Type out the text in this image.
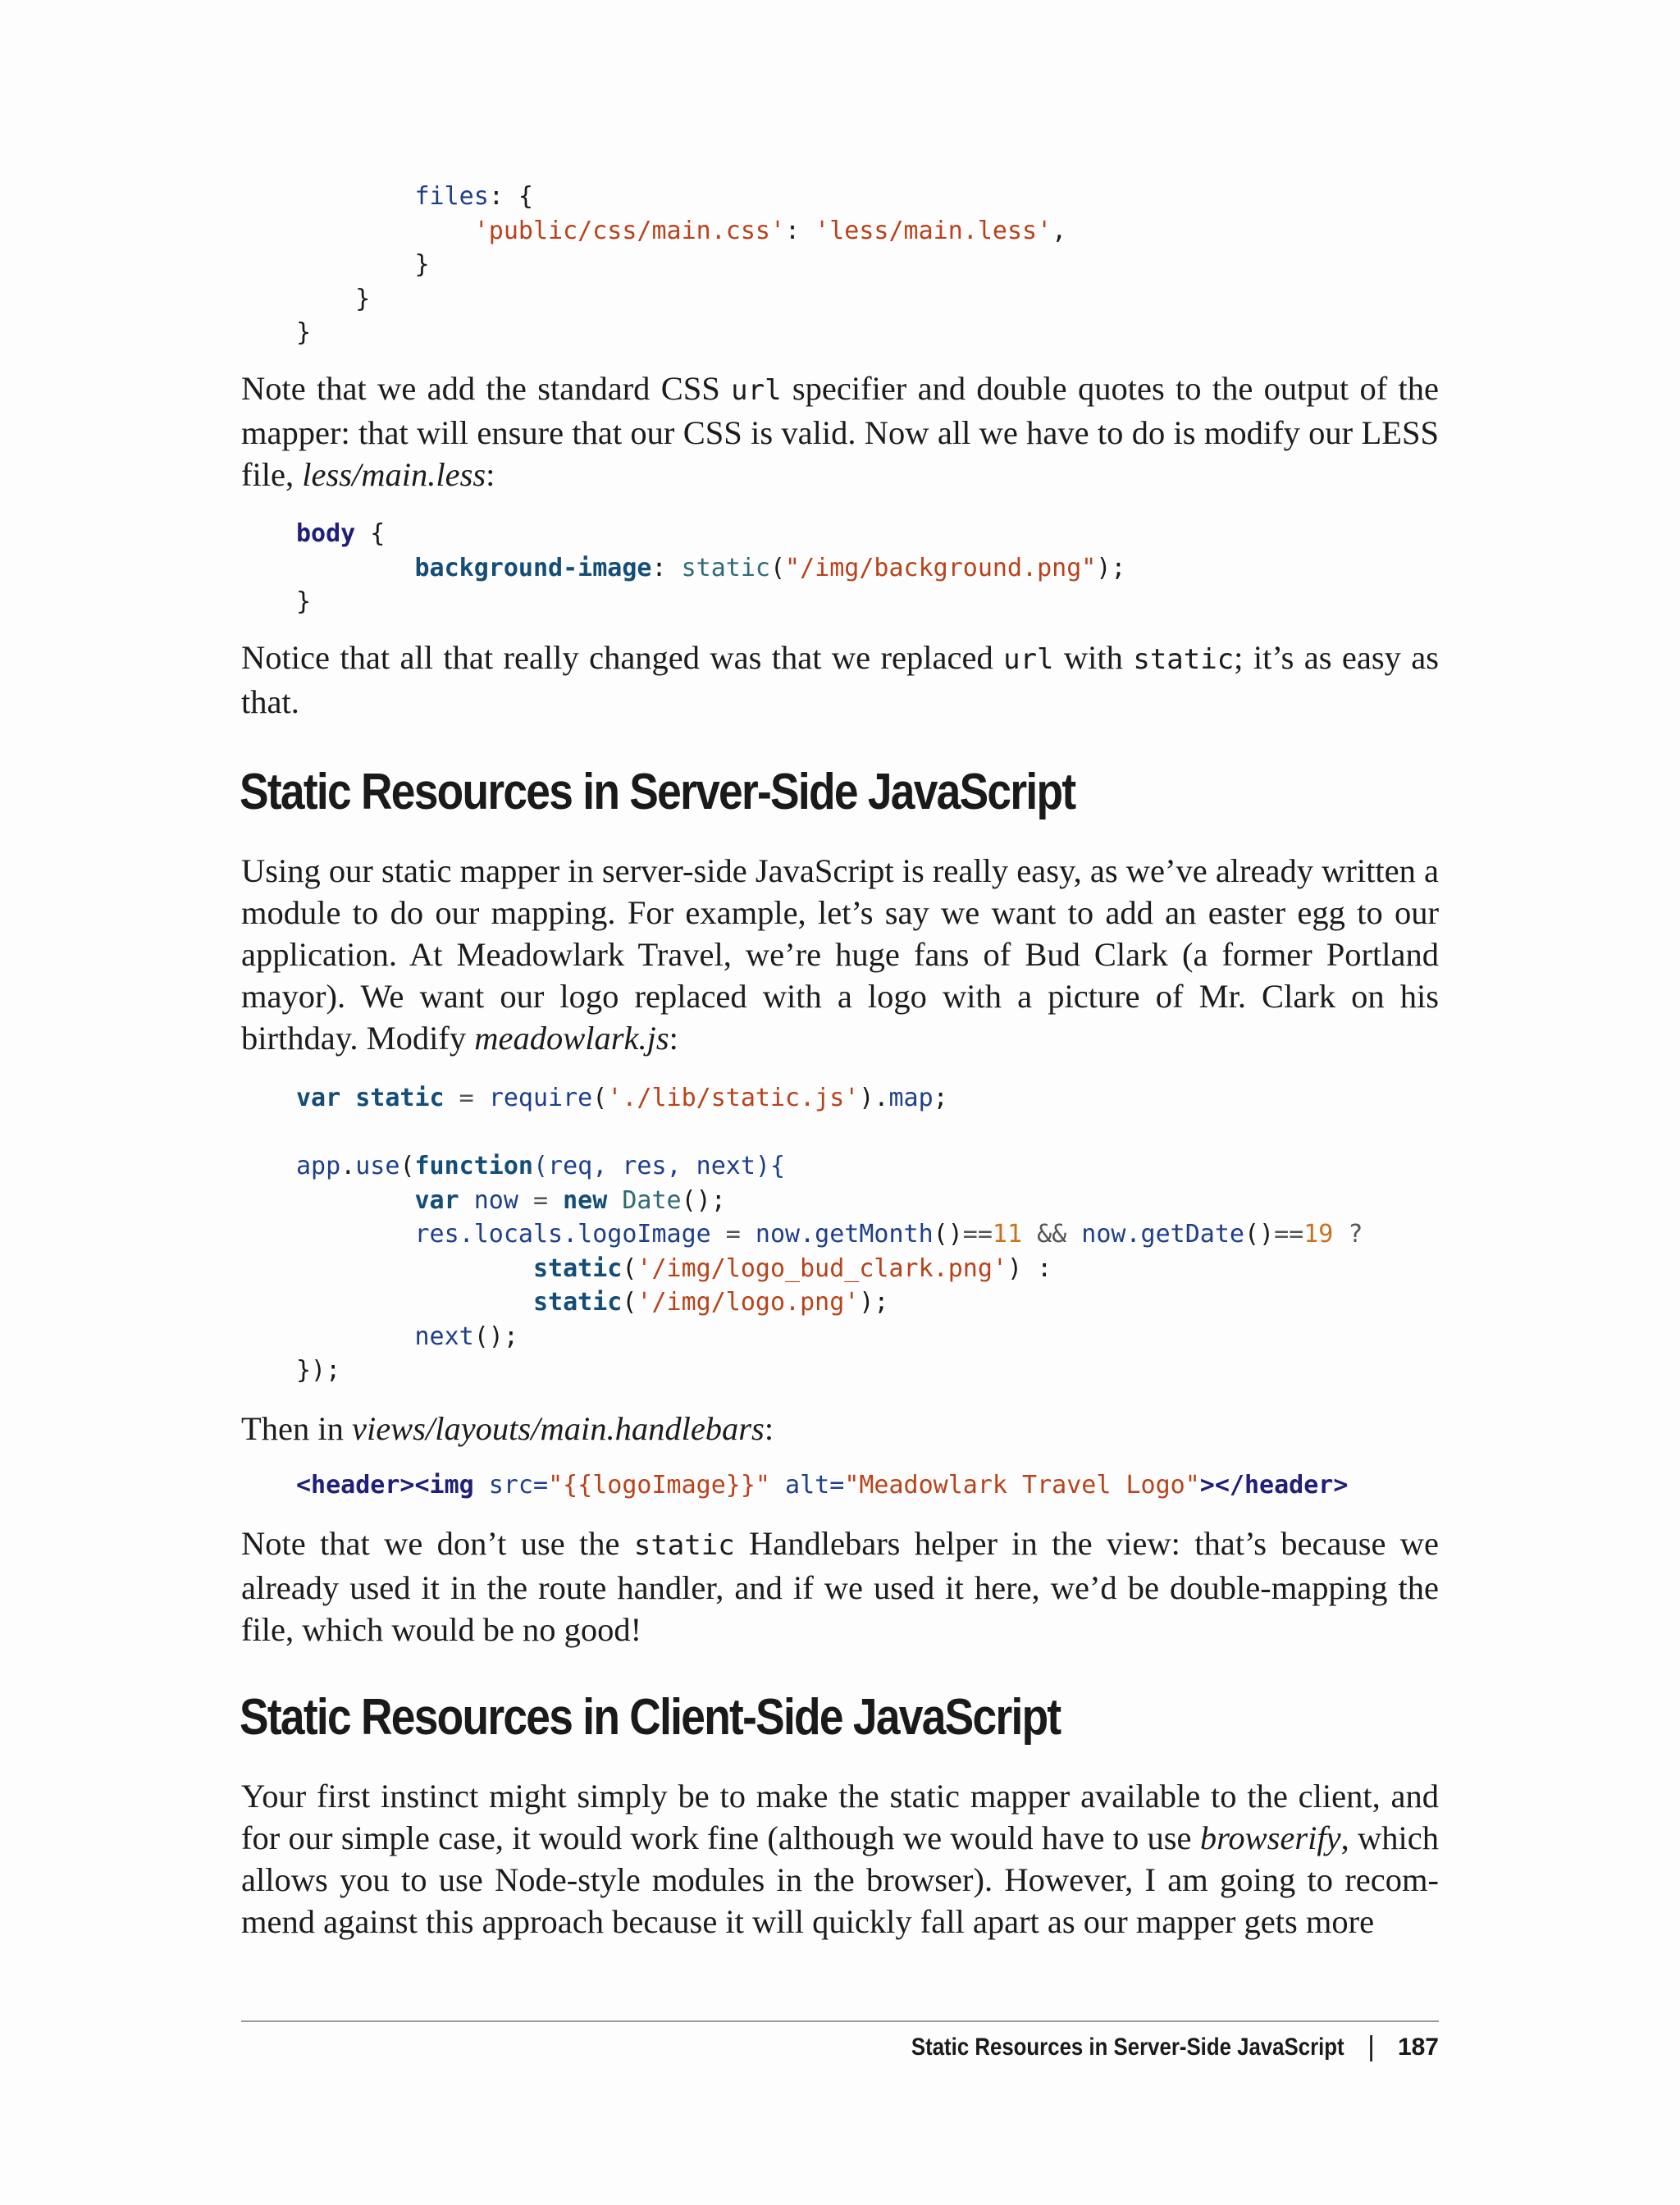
files: {
'public/css/main.css': 'less/main.less',
}
}
}

Note that we add the standard CSS url specifier and double quotes to the output of the mapper: that will ensure that our CSS is valid. Now all we have to do is modify our LESS file, less/main.less:

body {
background-image: static("/img/background.png");
}

Notice that all that really changed was that we replaced url with static; it’s as easy as that.

Static Resources in Server-Side JavaScript

Using our static mapper in server-side JavaScript is really easy, as we’ve already written a module to do our mapping. For example, let’s say we want to add an easter egg to our application. At Meadowlark Travel, we’re huge fans of Bud Clark (a former Portland mayor). We want our logo replaced with a logo with a picture of Mr. Clark on his birthday. Modify meadowlark.js:

var static = require('./lib/static.js').map;

app.use(function(req, res, next){
var now = new Date();
res.locals.logoImage = now.getMonth()==11 && now.getDate()==19 ?
static('/img/logo_bud_clark.png') :
static('/img/logo.png');
next();
});

Then in views/layouts/main.handlebars:

<header><img src="{{logoImage}}" alt="Meadowlark Travel Logo"></header>

Note that we don’t use the static Handlebars helper in the view: that’s because we already used it in the route handler, and if we used it here, we’d be double-mapping the file, which would be no good!

Static Resources in Client-Side JavaScript

Your first instinct might simply be to make the static mapper available to the client, and for our simple case, it would work fine (although we would have to use browserify, which allows you to use Node-style modules in the browser). However, I am going to recom-mend against this approach because it will quickly fall apart as our mapper gets more

Static Resources in Server-Side JavaScript | 187
